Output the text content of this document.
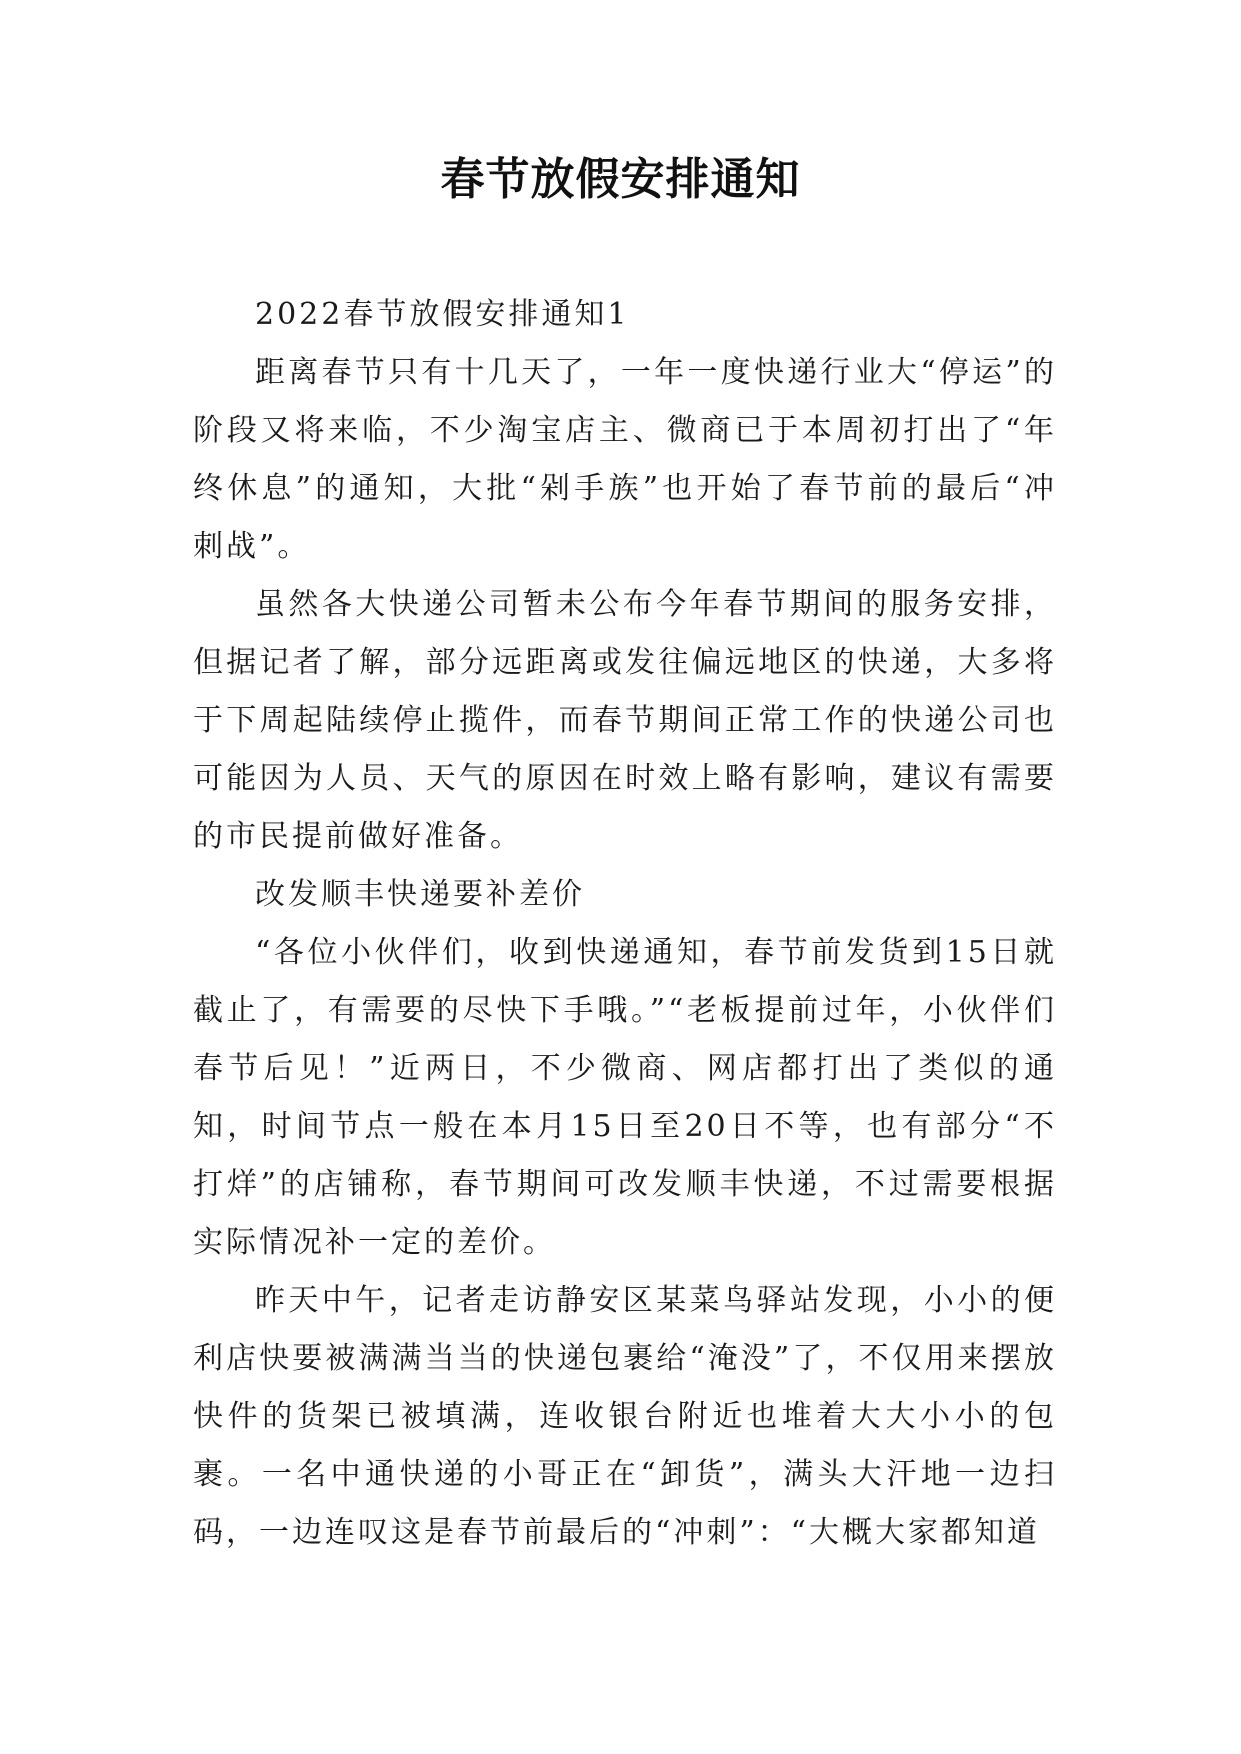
春节放假安排通知

2022春节放假安排通知1

距离春节只有十几天了，一年一度快递行业大“停运”的阶段又将来临，不少淘宝店主、微商已于本周初打出了“年终休息”的通知，大批“剁手族”也开始了春节前的最后“冲刺战”。

虽然各大快递公司暂未公布今年春节期间的服务安排，但据记者了解，部分远距离或发往偏远地区的快递，大多将于下周起陆续停止揽件，而春节期间正常工作的快递公司也可能因为人员、天气的原因在时效上略有影响，建议有需要的市民提前做好准备。

改发顺丰快递要补差价

“各位小伙伴们，收到快递通知，春节前发货到15日就截止了，有需要的尽快下手哦。”“老板提前过年，小伙伴们春节后见！”近两日，不少微商、网店都打出了类似的通知，时间节点一般在本月15日至20日不等，也有部分“不打烊”的店铺称，春节期间可改发顺丰快递，不过需要根据实际情况补一定的差价。

昨天中午，记者走访静安区某菜鸟驿站发现，小小的便利店快要被满满当当的快递包裹给“淹没”了，不仅用来摆放快件的货架已被填满，连收银台附近也堆着大大小小的包裹。一名中通快递的小哥正在“卸货”，满头大汗地一边扫码，一边连叹这是春节前最后的“冲刺”：“大概大家都知道
